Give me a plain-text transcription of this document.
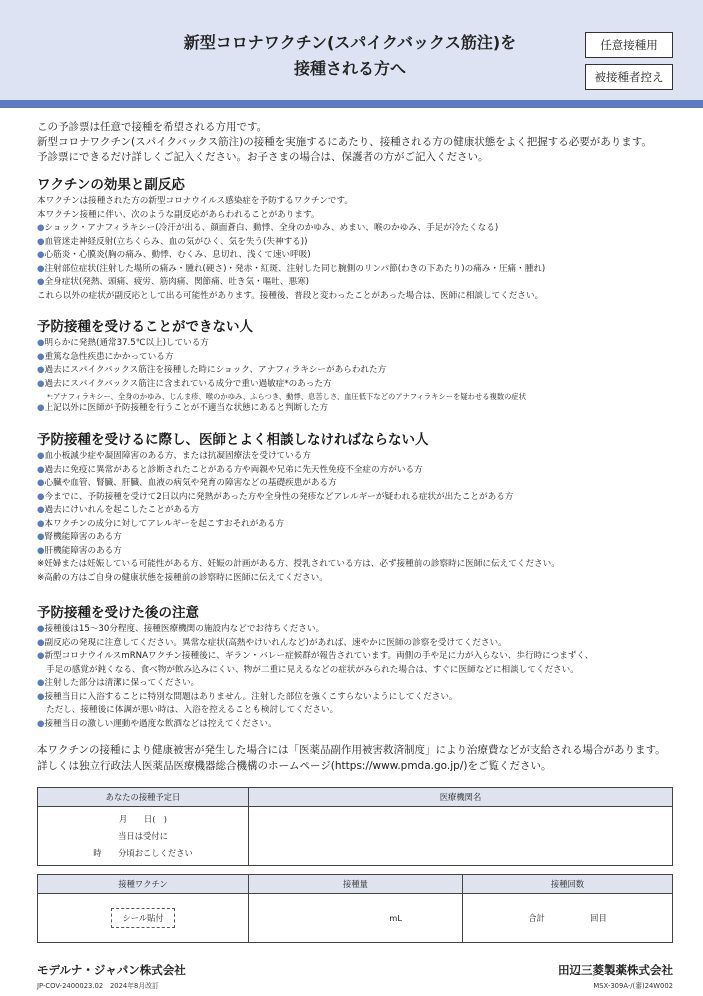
新型コロナワクチン(スパイクバックス筋注)を
接種される方へ
任意接種用
被接種者控え
この予診票は任意で接種を希望される方用です。
新型コロナワクチン(スパイクバックス筋注)の接種を実施するにあたり、接種される方の健康状態をよく把握する必要があります。
予診票にできるだけ詳しくご記入ください。お子さまの場合は、保護者の方がご記入ください。
ワクチンの効果と副反応
本ワクチンは接種された方の新型コロナウイルス感染症を予防するワクチンです。
本ワクチン接種に伴い、次のような副反応があらわれることがあります。
●ショック・アナフィラキシー(冷汗が出る、顔面蒼白、動悸、全身のかゆみ、めまい、喉のかゆみ、手足が冷たくなる)
●血管迷走神経反射(立ちくらみ、血の気がひく、気を失う(失神する))
●心筋炎・心膜炎(胸の痛み、動悸、むくみ、息切れ、浅くて速い呼吸)
●注射部位症状(注射した場所の痛み・腫れ(硬さ)・発赤・紅斑、注射した同じ腕側のリンパ節(わきの下あたり)の痛み・圧痛・腫れ)
●全身症状(発熱、頭痛、疲労、筋肉痛、関節痛、吐き気・嘔吐、悪寒)
これら以外の症状が副反応として出る可能性があります。接種後、普段と変わったことがあった場合は、医師に相談してください。
予防接種を受けることができない人
●明らかに発熱(通常37.5℃以上)している方
●重篤な急性疾患にかかっている方
●過去にスパイクバックス筋注を接種した時にショック、アナフィラキシーがあらわれた方
●過去にスパイクバックス筋注に含まれている成分で重い過敏症*のあった方
*:アナフィラキシー、全身のかゆみ、じんま疹、喉のかゆみ、ふらつき、動悸、息苦しさ、血圧低下などのアナフィラキシーを疑わせる複数の症状
●上記以外に医師が予防接種を行うことが不適当な状態にあると判断した方
予防接種を受けるに際し、医師とよく相談しなければならない人
●血小板減少症や凝固障害のある方、または抗凝固療法を受けている方
●過去に免疫に異常があると診断されたことがある方や両親や兄弟に先天性免疫不全症の方がいる方
●心臓や血管、腎臓、肝臓、血液の病気や発育の障害などの基礎疾患がある方
●今までに、予防接種を受けて2日以内に発熱があった方や全身性の発疹などアレルギーが疑われる症状が出たことがある方
●過去にけいれんを起こしたことがある方
●本ワクチンの成分に対してアレルギーを起こすおそれがある方
●腎機能障害のある方
●肝機能障害のある方
※妊婦または妊娠している可能性がある方、妊娠の計画がある方、授乳されている方は、必ず接種前の診察時に医師に伝えてください。
※高齢の方はご自身の健康状態を接種前の診察時に医師に伝えてください。
予防接種を受けた後の注意
●接種後は15～30分程度、接種医療機関の施設内などでお待ちください。
●副反応の発現に注意してください。異常な症状(高熱やけいれんなど)があれば、速やかに医師の診察を受けてください。
●新型コロナウイルスmRNAワクチン接種後に、ギラン・バレー症候群が報告されています。両側の手や足に力が入らない、歩行時につまずく、
手足の感覚が鈍くなる、食べ物が飲み込みにくい、物が二重に見えるなどの症状がみられた場合は、すぐに医師などに相談してください。
●注射した部分は清潔に保ってください。
●接種当日に入浴することに特別な問題はありません。注射した部位を強くこすらないようにしてください。
ただし、接種後に体調が悪い時は、入浴を控えることも検討してください。
●接種当日の激しい運動や過度な飲酒などは控えてください。
本ワクチンの接種により健康被害が発生した場合には「医薬品副作用被害救済制度」により治療費などが支給される場合があります。
詳しくは独立行政法人医薬品医療機器総合機構のホームページ(https://www.pmda.go.jp/)をご覧ください。
あなたの接種予定日	医療機関名

月　　日(　)
当日は受付に
時　　分頃おこしください	

接種ワクチン	接種量	接種回数
シール貼付	mL	合計 回目
モデルナ・ジャパン株式会社
JP-COV-2400023.02　2024年8月改訂
田辺三菱製薬株式会社
MSX-309A-/(審)24W002
